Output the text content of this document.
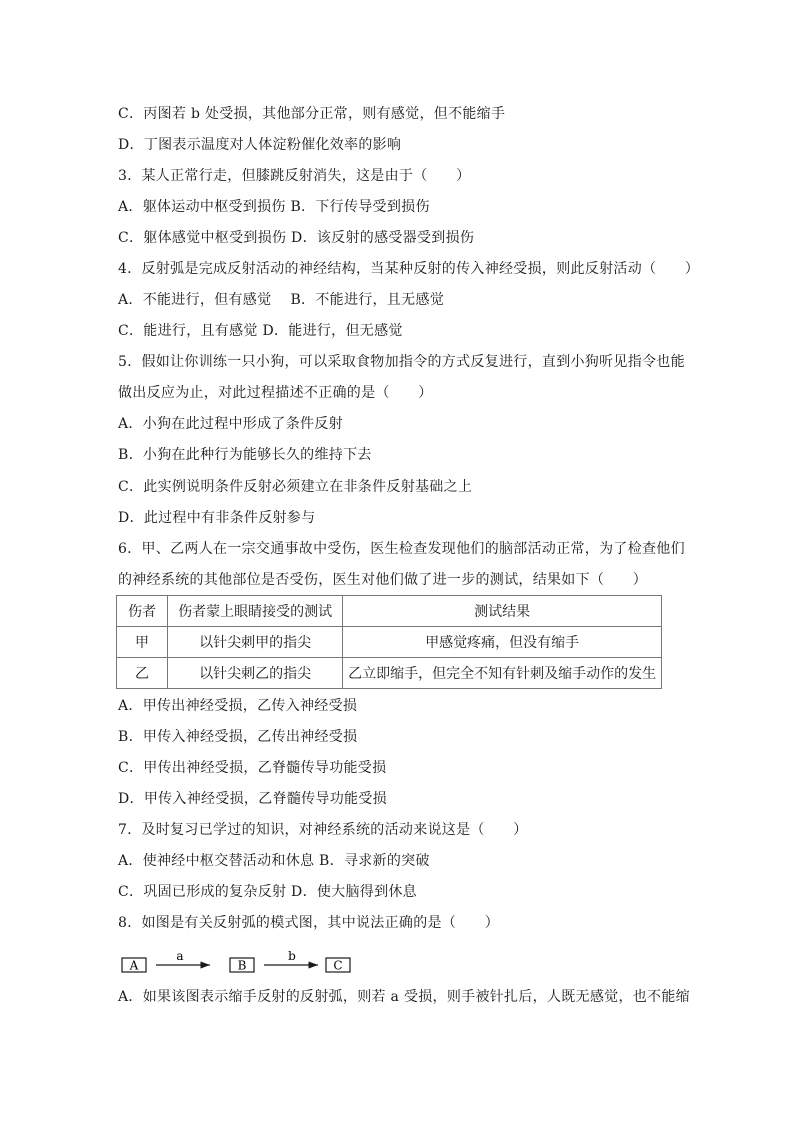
C．丙图若 b 处受损，其他部分正常，则有感觉，但不能缩手
D．丁图表示温度对人体淀粉催化效率的影响
3．某人正常行走，但膝跳反射消失，这是由于（　　）
A．躯体运动中枢受到损伤 B．下行传导受到损伤
C．躯体感觉中枢受到损伤 D．该反射的感受器受到损伤
4．反射弧是完成反射活动的神经结构，当某种反射的传入神经受损，则此反射活动（　　）
A．不能进行，但有感觉　 B．不能进行，且无感觉
C．能进行，且有感觉 D．能进行，但无感觉
5．假如让你训练一只小狗，可以采取食物加指令的方式反复进行，直到小狗听见指令也能
做出反应为止，对此过程描述不正确的是（　　）
A．小狗在此过程中形成了条件反射
B．小狗在此种行为能够长久的维持下去
C．此实例说明条件反射必须建立在非条件反射基础之上
D．此过程中有非条件反射参与
6．甲、乙两人在一宗交通事故中受伤，医生检查发现他们的脑部活动正常，为了检查他们
的神经系统的其他部位是否受伤，医生对他们做了进一步的测试，结果如下（　　）
伤者	伤者蒙上眼睛接受的测试	测试结果
甲	以针尖刺甲的指尖	甲感觉疼痛，但没有缩手
乙	以针尖刺乙的指尖	乙立即缩手，但完全不知有针刺及缩手动作的发生
A．甲传出神经受损，乙传入神经受损
B．甲传入神经受损，乙传出神经受损
C．甲传出神经受损，乙脊髓传导功能受损
D．甲传入神经受损，乙脊髓传导功能受损
7．及时复习已学过的知识，对神经系统的活动来说这是（　　）
A．使神经中枢交替活动和休息 B．寻求新的突破
C．巩固已形成的复杂反射 D．使大脑得到休息
8．如图是有关反射弧的模式图，其中说法正确的是（　　）
A
a
B
b
C
A．如果该图表示缩手反射的反射弧，则若 a 受损，则手被针扎后，人既无感觉，也不能缩
